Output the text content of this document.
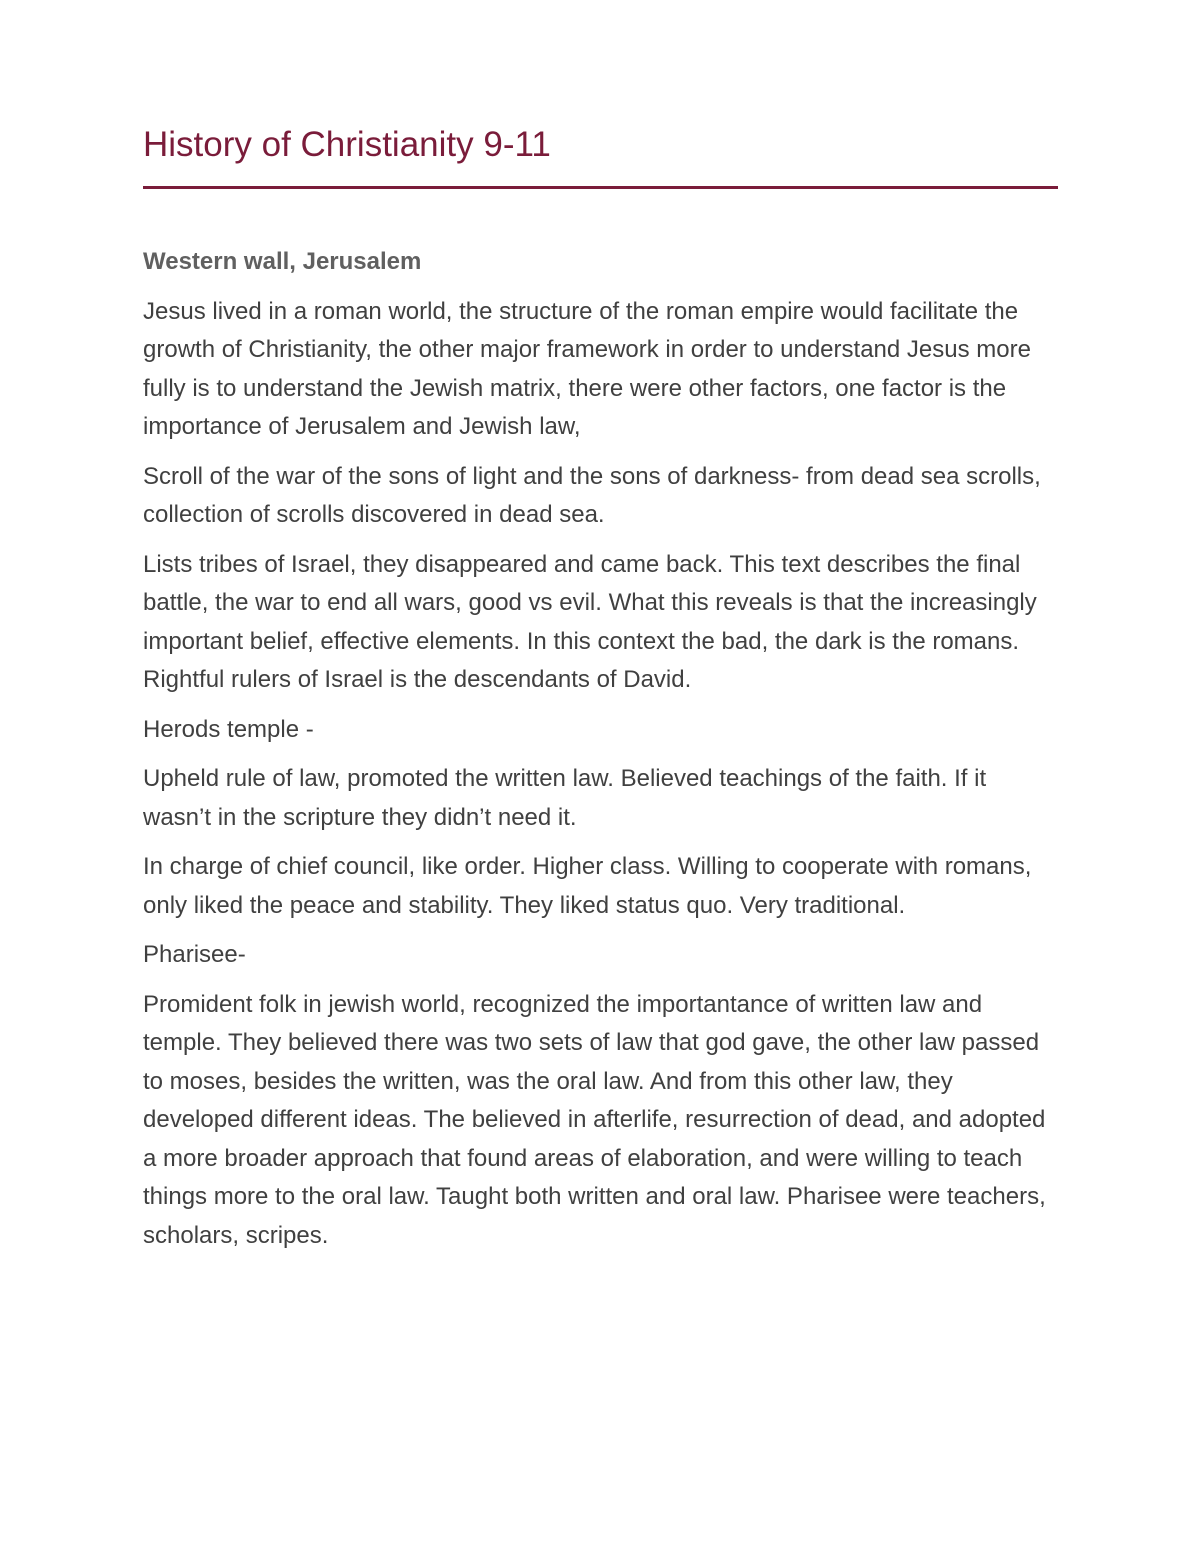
History of Christianity 9-11

Western wall, Jerusalem

Jesus lived in a roman world, the structure of the roman empire would facilitate the growth of Christianity, the other major framework in order to understand Jesus more fully is to understand the Jewish matrix, there were other factors, one factor is the importance of Jerusalem and Jewish law,

Scroll of the war of the sons of light and the sons of darkness- from dead sea scrolls, collection of scrolls discovered in dead sea.

Lists tribes of Israel, they disappeared and came back. This text describes the final battle, the war to end all wars, good vs evil. What this reveals is that the increasingly important belief, effective elements. In this context the bad, the dark is the romans. Rightful rulers of Israel is the descendants of David.

Herods temple -

Upheld rule of law, promoted the written law. Believed teachings of the faith. If it wasn’t in the scripture they didn’t need it.

In charge of chief council, like order. Higher class. Willing to cooperate with romans, only liked the peace and stability. They liked status quo. Very traditional.

Pharisee-

Promident folk in jewish world, recognized the importantance of written law and temple. They believed there was two sets of law that god gave, the other law passed to moses, besides the written, was the oral law. And from this other law, they developed different ideas. The believed in afterlife, resurrection of dead, and adopted a more broader approach that found areas of elaboration, and were willing to teach things more to the oral law. Taught both written and oral law. Pharisee were teachers, scholars, scripes.
